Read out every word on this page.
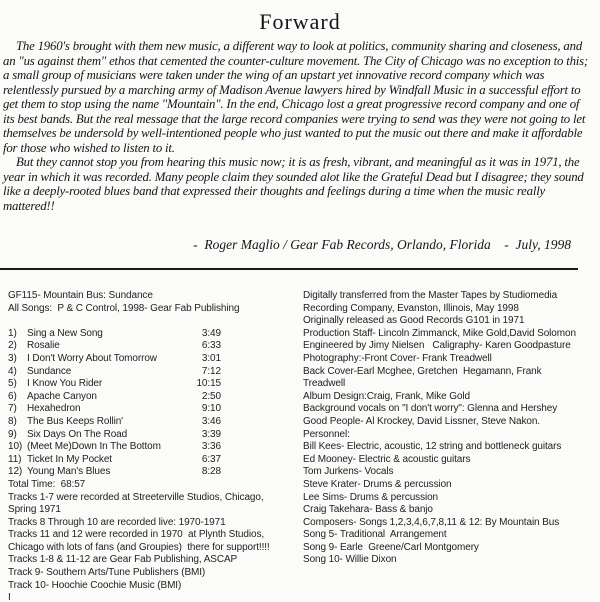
Forward

The 1960's brought with them new music, a different way to look at politics, community sharing and closeness, and an "us against them" ethos that cemented the counter-culture movement. The City of Chicago was no exception to this; a small group of musicians were taken under the wing of an upstart yet innovative record company which was relentlessly pursued by a marching army of Madison Avenue lawyers hired by Windfall Music in a successful effort to get them to stop using the name "Mountain". In the end, Chicago lost a great progressive record company and one of its best bands. But the real message that the large record companies were trying to send was they were not going to let themselves be undersold by well-intentioned people who just wanted to put the music out there and make it affordable for those who wished to listen to it.

But they cannot stop you from hearing this music now; it is as fresh, vibrant, and meaningful as it was in 1971, the year in which it was recorded. Many people claim they sounded alot like the Grateful Dead but I disagree; they sound like a deeply-rooted blues band that expressed their thoughts and feelings during a time when the music really mattered!!

-  Roger Maglio / Gear Fab Records, Orlando, Florida    -  July, 1998
GF115- Mountain Bus: Sundance
All Songs:  P & C Control, 1998- Gear Fab Publishing
1)	Sing a New Song	3:49
2)	Rosalie	6:33
3)	I Don't Worry About Tomorrow	3:01
4)	Sundance	7:12
5)	I Know You Rider	10:15
6)	Apache Canyon	2:50
7)	Hexahedron	9:10
8)	The Bus Keeps Rollin'	3:46
9)	Six Days On The Road	3:39
10) (Meet Me)Down In The Bottom	3:36
11) Ticket In My Pocket	6:37
12) Young Man's Blues	8:28
Total Time:  68:57
Tracks 1-7 were recorded at Streeterville Studios, Chicago,
Spring 1971
Tracks 8 Through 10 are recorded live: 1970-1971
Tracks 11 and 12 were recorded in 1970  at Plynth Studios,
Chicago with lots of fans (and Groupies)  there for support!!!!
Tracks 1-8 & 11-12 are Gear Fab Publishing, ASCAP
Track 9- Southern Arts/Tune Publishers (BMI)
Track 10- Hoochie Coochie Music (BMI)
I
Digitally transferred from the Master Tapes by Studiomedia
Recording Company, Evanston, Illinois, May 1998
Originally released as Good Records G101 in 1971
Production Staff- Lincoln Zimmanck, Mike Gold,David Solomon
Engineered by Jimy Nielsen   Caligraphy- Karen Goodpasture
Photography:-Front Cover- Frank Treadwell
Back Cover-Earl Mcghee, Gretchen  Hegamann, Frank
Treadwell
Album Design:Craig, Frank, Mike Gold
Background vocals on "I don't worry": Glenna and Hershey
Good People- Al Krockey, David Lissner, Steve Nakon.
Personnel:
Bill Kees- Electric, acoustic, 12 string and bottleneck guitars
Ed Mooney- Electric & acoustic guitars
Tom Jurkens- Vocals
Steve Krater- Drums & percussion
Lee Sims- Drums & percussion
Craig Takehara- Bass & banjo
Composers- Songs 1,2,3,4,6,7,8,11 & 12: By Mountain Bus
Song 5- Traditional  Arrangement
Song 9- Earle  Greene/Carl Montgomery
Song 10- Willie Dixon
